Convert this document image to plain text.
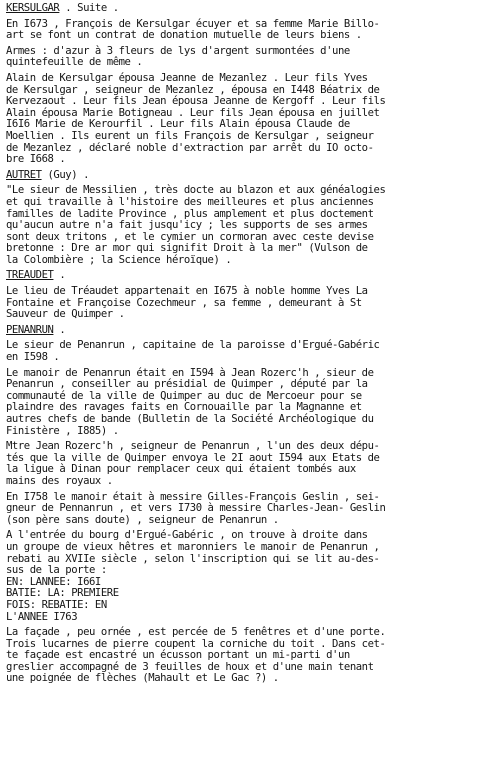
KERSULGAR . Suite .
En I673 , François de Kersulgar écuyer et sa femme Marie Billo-
art se font un contrat de donation mutuelle de leurs biens .
Armes : d'azur à 3 fleurs de lys d'argent surmontées d'une
quintefeuille de même .
Alain de Kersulgar épousa Jeanne de Mezanlez . Leur fils Yves
de Kersulgar , seigneur de Mezanlez , épousa en I448 Béatrix de
Kervezaout . Leur fils Jean épousa Jeanne de Kergoff . Leur fils
Alain épousa Marie Botigneau . Leur fils Jean épousa en juillet
I6I6 Marie de Kerourfil . Leur fils Alain épousa Claude de
Moellien . Ils eurent un fils François de Kersulgar , seigneur
de Mezanlez , déclaré noble d'extraction par arrêt du IO octo-
bre I668 .
AUTRET (Guy) .
"Le sieur de Messilien , très docte au blazon et aux généalogies
et qui travaille à l'histoire des meilleures et plus anciennes
familles de ladite Province , plus amplement et plus doctement
qu'aucun autre n'a fait jusqu'icy ; les supports de ses armes
sont deux tritons , et le cymier un cormoran avec ceste devise
bretonne : Dre ar mor qui signifit Droit à la mer" (Vulson de
la Colombière ; la Science héroïque) .
TREAUDET .
Le lieu de Tréaudet appartenait en I675 à noble homme Yves La
Fontaine et Françoise Cozechmeur , sa femme , demeurant à St
Sauveur de Quimper .
PENANRUN .
Le sieur de Penanrun , capitaine de la paroisse d'Ergué-Gabéric
en I598 .
Le manoir de Penanrun était en I594 à Jean Rozerc'h , sieur de
Penanrun , conseiller au présidial de Quimper , député par la
communauté de la ville de Quimper au duc de Mercoeur pour se
plaindre des ravages faits en Cornouaille par la Magnanne et
autres chefs de bande (Bulletin de la Société Archéologique du
Finistère , I885) .
Mtre Jean Rozerc'h , seigneur de Penanrun , l'un des deux dépu-
tés que la ville de Quimper envoya le 2I aout I594 aux Etats de
la ligue à Dinan pour remplacer ceux qui étaient tombés aux
mains des royaux .
En I758 le manoir était à messire Gilles-François Geslin , sei-
gneur de Pennanrun , et vers I730 à messire Charles-Jean- Geslin
(son père sans doute) , seigneur de Penanrun .
A l'entrée du bourg d'Ergué-Gabéric , on trouve à droite dans
un groupe de vieux hêtres et maronniers le manoir de Penanrun ,
rebati au XVIIe siècle , selon l'inscription qui se lit au-des-
sus de la porte :
EN: LANNEE: I66I
BATIE: LA: PREMIERE
FOIS: REBATIE: EN
L'ANNEE I763
La façade , peu ornée , est percée de 5 fenêtres et d'une porte.
Trois lucarnes de pierre coupent la corniche du toit . Dans cet-
te façade est encastré un écusson portant un mi-parti d'un
greslier accompagné de 3 feuilles de houx et d'une main tenant
une poignée de flèches (Mahault et Le Gac ?) .
